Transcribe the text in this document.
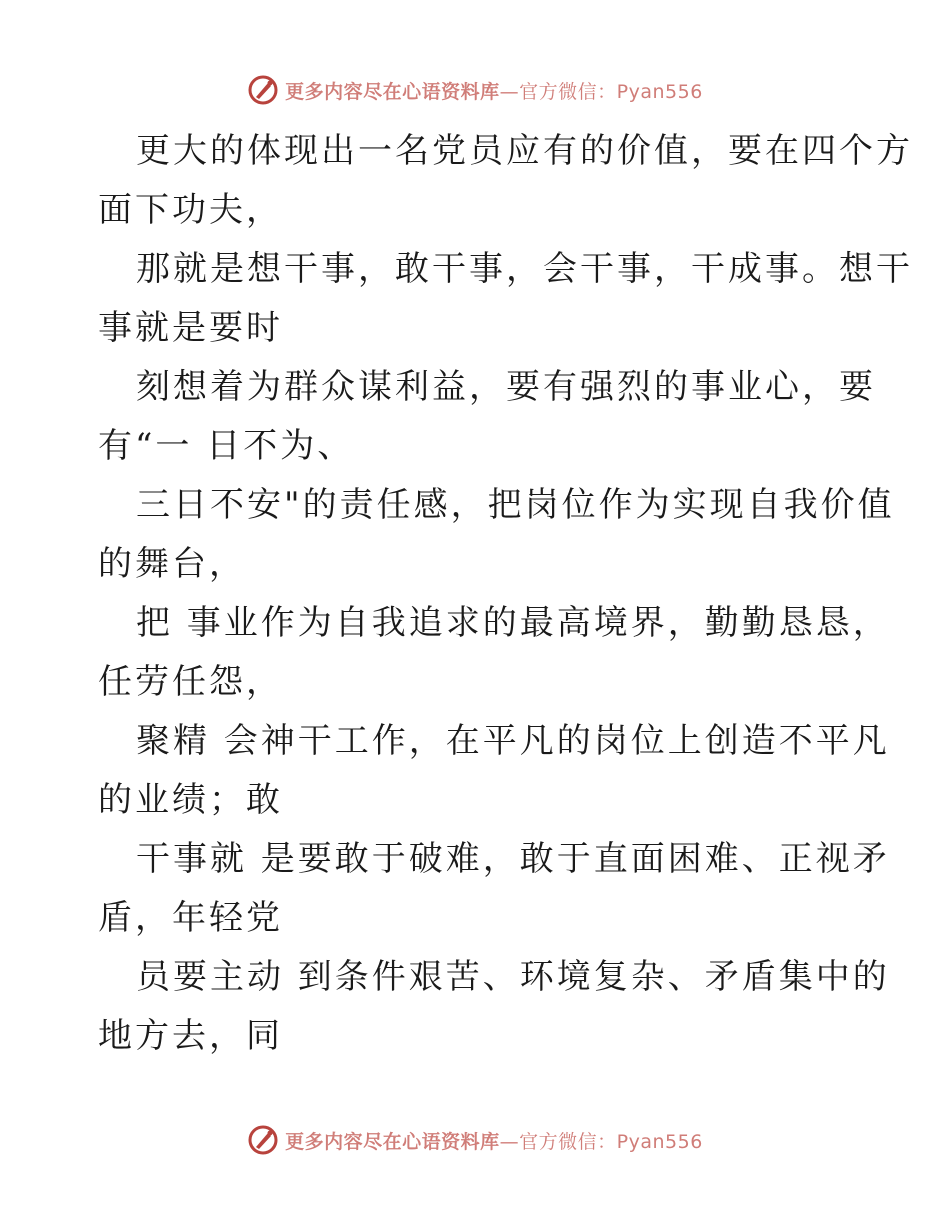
更多内容尽在心语资料库—官方微信：Pyan556
更大的体现出一名党员应有的价值，要在四个方
面下功夫，
那就是想干事，敢干事，会干事，干成事。想干
事就是要时
刻想着为群众谋利益，要有强烈的事业心，要
有“一 日不为、
三日不安"的责任感，把岗位作为实现自我价值
的舞台，
把 事业作为自我追求的最高境界，勤勤恳恳，
任劳任怨，
聚精 会神干工作，在平凡的岗位上创造不平凡
的业绩；敢
干事就 是要敢于破难，敢于直面困难、正视矛
盾，年轻党
员要主动 到条件艰苦、环境复杂、矛盾集中的
地方去，同
更多内容尽在心语资料库—官方微信：Pyan556
